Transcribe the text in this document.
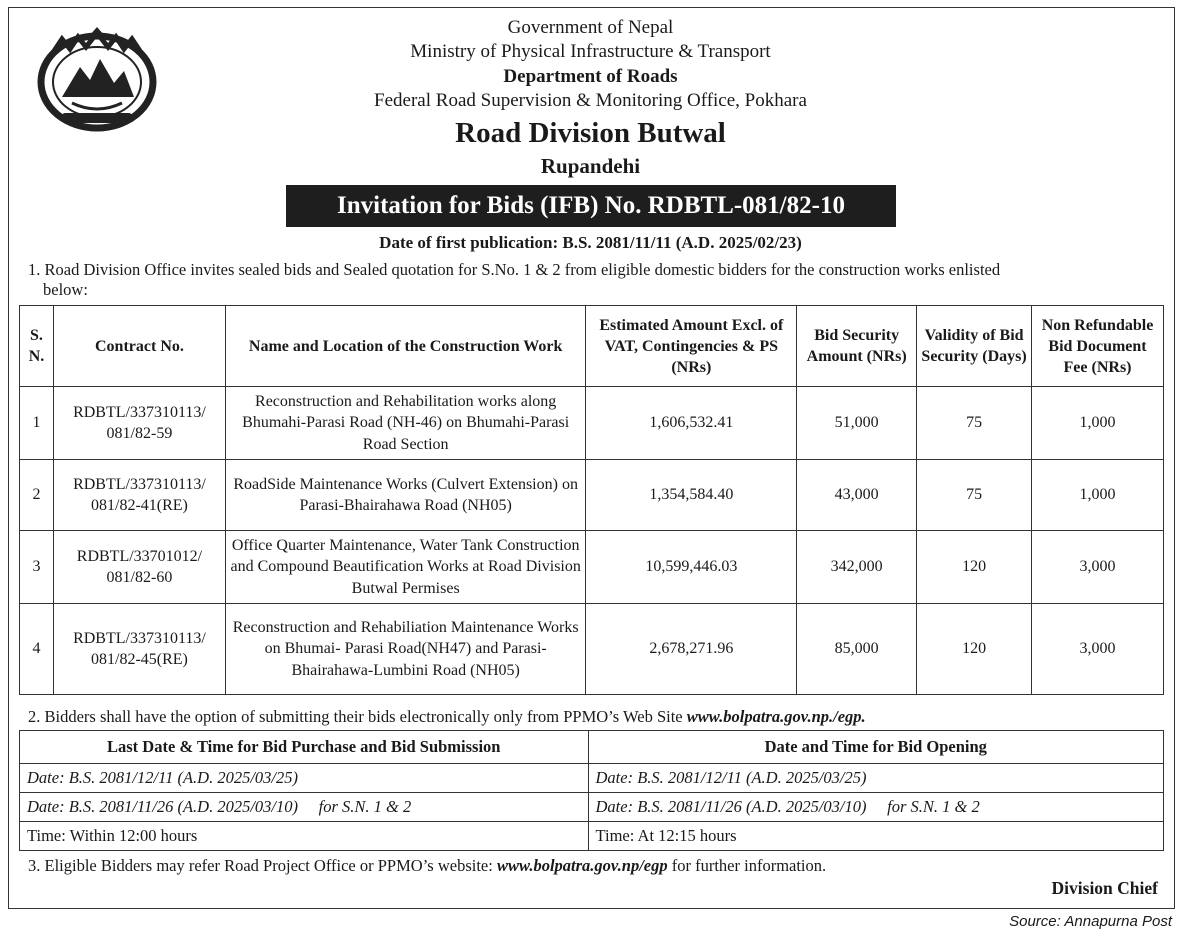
Government of Nepal
Ministry of Physical Infrastructure & Transport
Department of Roads
Federal Road Supervision & Monitoring Office, Pokhara
Road Division Butwal
Rupandehi
Invitation for Bids (IFB) No. RDBTL-081/82-10
Date of first publication: B.S. 2081/11/11 (A.D. 2025/02/23)
1. Road Division Office invites sealed bids and Sealed quotation for S.No. 1 & 2 from eligible domestic bidders for the construction works enlisted
below:
S. N.	Contract No.	Name and Location of the Construction Work	Estimated Amount Excl. of VAT, Contingencies & PS (NRs)	Bid Security Amount (NRs)	Validity of Bid Security (Days)	Non Refundable Bid Document Fee (NRs)
1	RDBTL/337310113/ 081/82-59	Reconstruction and Rehabilitation works along Bhumahi-Parasi Road (NH-46) on Bhumahi-Parasi Road Section	1,606,532.41	51,000	75	1,000
2	RDBTL/337310113/ 081/82-41(RE)	RoadSide Maintenance Works (Culvert Extension) on Parasi-Bhairahawa Road (NH05)	1,354,584.40	43,000	75	1,000
3	RDBTL/33701012/ 081/82-60	Office Quarter Maintenance, Water Tank Construction and Compound Beautification Works at Road Division Butwal Permises	10,599,446.03	342,000	120	3,000
4	RDBTL/337310113/ 081/82-45(RE)	Reconstruction and Rehabiliation Maintenance Works on Bhumai- Parasi Road(NH47) and Parasi-Bhairahawa-Lumbini Road (NH05)	2,678,271.96	85,000	120	3,000
2. Bidders shall have the option of submitting their bids electronically only from PPMO’s Web Site www.bolpatra.gov.np./egp.
Last Date & Time for Bid Purchase and Bid Submission	Date and Time for Bid Opening
Date: B.S. 2081/12/11 (A.D. 2025/03/25)	Date: B.S. 2081/12/11 (A.D. 2025/03/25)
Date: B.S. 2081/11/26 (A.D. 2025/03/10)     for S.N. 1 & 2	Date: B.S. 2081/11/26 (A.D. 2025/03/10)     for S.N. 1 & 2
Time: Within 12:00 hours	Time: At 12:15 hours
3. Eligible Bidders may refer Road Project Office or PPMO’s website: www.bolpatra.gov.np/egp for further information.
Division Chief
Source: Annapurna Post
